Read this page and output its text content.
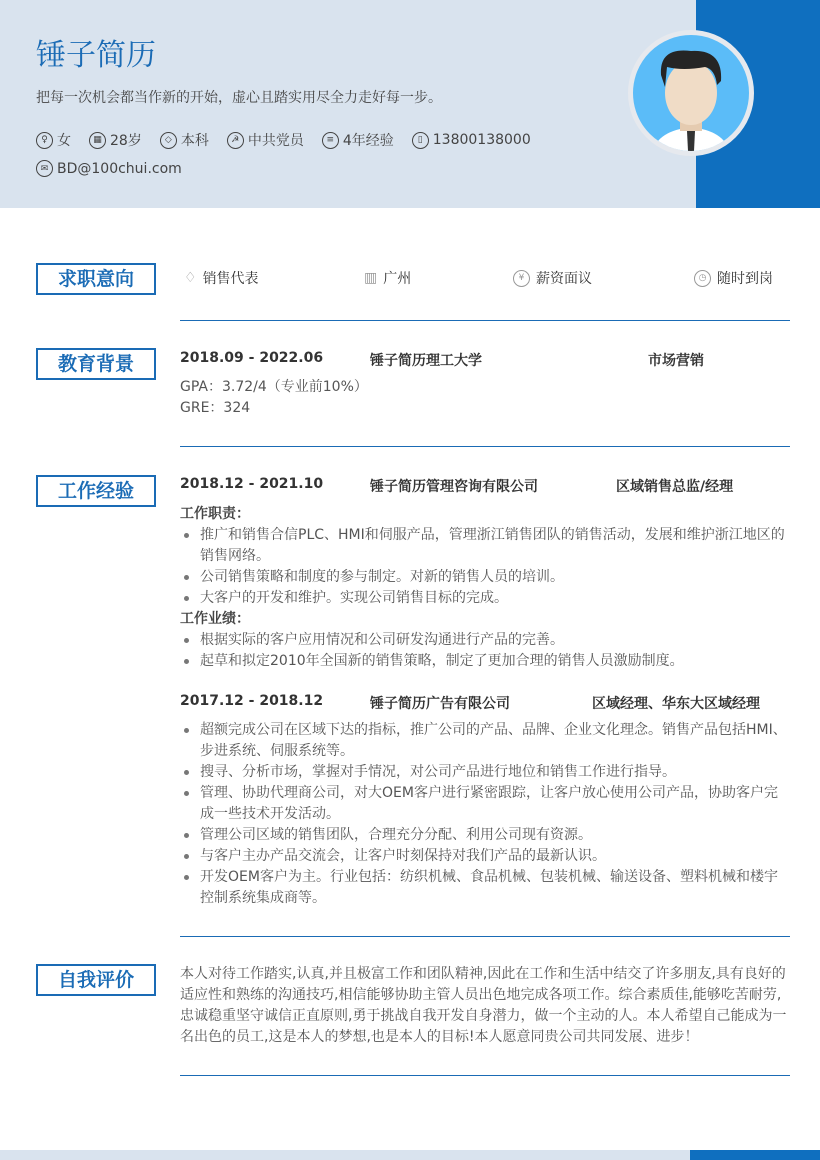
锤子简历
把每一次机会都当作新的开始，虚心且踏实用尽全力走好每一步。
♀ 女	▦ 28岁	◇ 本科	☭ 中共党员	≡ 4年经验	▯ 13800138000
✉ BD@100chui.com
求职意向	♢ 销售代表	▥ 广州	¥ 薪资面议	◷ 随时到岗
教育背景	2018.09 - 2022.06	锤子简历理工大学	市场营销
GPA：3.72/4（专业前10%）
GRE：324
工作经验	2018.12 - 2021.10	锤子简历管理咨询有限公司	区域销售总监/经理
工作职责：
推广和销售合信PLC、HMI和伺服产品，管理浙江销售团队的销售活动，发展和维护浙江地区的销售网络。
公司销售策略和制度的参与制定。对新的销售人员的培训。
大客户的开发和维护。实现公司销售目标的完成。
工作业绩：
根据实际的客户应用情况和公司研发沟通进行产品的完善。
起草和拟定2010年全国新的销售策略，制定了更加合理的销售人员激励制度。
2017.12 - 2018.12	锤子简历广告有限公司	区域经理、华东大区域经理
超额完成公司在区域下达的指标，推广公司的产品、品牌、企业文化理念。销售产品包括HMI、步进系统、伺服系统等。
搜寻、分析市场，掌握对手情况，对公司产品进行地位和销售工作进行指导。
管理、协助代理商公司，对大OEM客户进行紧密跟踪，让客户放心使用公司产品，协助客户完成一些技术开发活动。
管理公司区域的销售团队，合理充分分配、利用公司现有资源。
与客户主办产品交流会，让客户时刻保持对我们产品的最新认识。
开发OEM客户为主。行业包括：纺织机械、食品机械、包装机械、输送设备、塑料机械和楼宇控制系统集成商等。
自我评价	本人对待工作踏实,认真,并且极富工作和团队精神,因此在工作和生活中结交了许多朋友,具有良好的适应性和熟练的沟通技巧,相信能够协助主管人员出色地完成各项工作。综合素质佳,能够吃苦耐劳,忠诚稳重坚守诚信正直原则,勇于挑战自我开发自身潜力，做一个主动的人。本人希望自己能成为一名出色的员工,这是本人的梦想,也是本人的目标!本人愿意同贵公司共同发展、进步！
